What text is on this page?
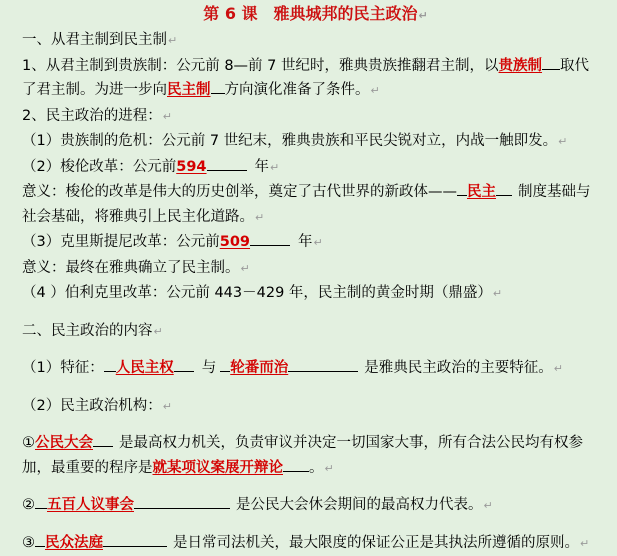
第 6 课　雅典城邦的民主政治↵
一、从君主制到民主制↵
1、从君主制到贵族制：公元前 8—前 7 世纪时，雅典贵族推翻君主制，以贵族制 取代了君主制。为进一步向民主制 方向演化准备了条件。↵
2、民主政治的进程：↵
（1）贵族制的危机：公元前 7 世纪末，雅典贵族和平民尖锐对立，内战一触即发。↵
（2）梭伦改革：公元前594	年↵
意义：梭伦的改革是伟大的历史创举，奠定了古代世界的新政体—— 民主 制度基础与社会基础，将雅典引上民主化道路。↵
（3）克里斯提尼改革：公元前509	年↵
意义：最终在雅典确立了民主制。↵
（4 ）伯利克里改革：公元前 443－429 年，民主制的黄金时期（鼎盛）↵
二、民主政治的内容↵
（1）特征： 人民主权 与 轮番而治	是雅典民主政治的主要特征。↵
（2）民主政治机构：↵
①公民大会 是最高权力机关，负责审议并决定一切国家大事，所有合法公民均有权参加，最重要的程序是就某项议案展开辩论 。↵
② 五百人议事会	是公民大会休会期间的最高权力代表。↵
③ 民众法庭	是日常司法机关，最大限度的保证公正是其执法所遵循的原则。↵
